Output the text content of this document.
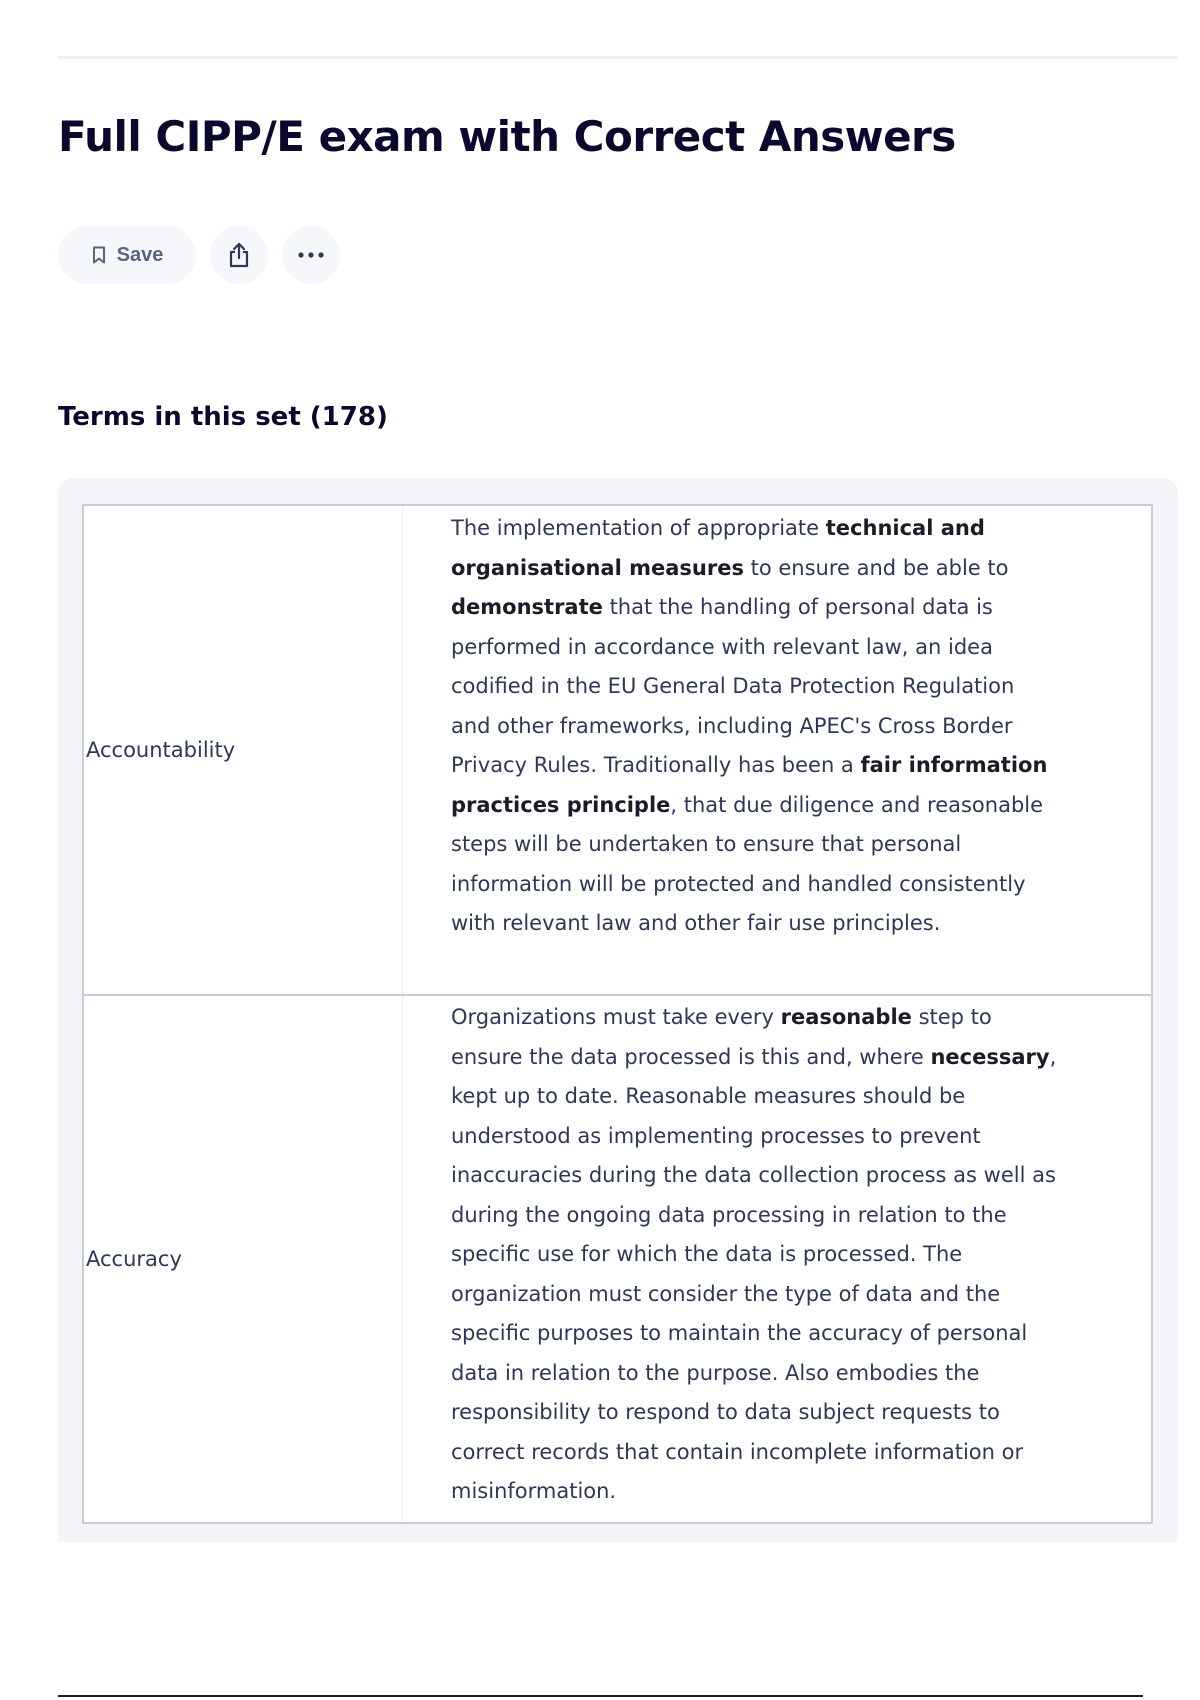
Full CIPP/E exam with Correct Answers
Save
Terms in this set (178)
Accountability
The implementation of appropriate technical and organisational measures to ensure and be able to demonstrate that the handling of personal data is performed in accordance with relevant law, an idea codified in the EU General Data Protection Regulation and other frameworks, including APEC's Cross Border Privacy Rules. Traditionally has been a fair information practices principle, that due diligence and reasonable steps will be undertaken to ensure that personal information will be protected and handled consistently with relevant law and other fair use principles.
Accuracy
Organizations must take every reasonable step to ensure the data processed is this and, where necessary, kept up to date. Reasonable measures should be understood as implementing processes to prevent inaccuracies during the data collection process as well as during the ongoing data processing in relation to the specific use for which the data is processed. The organization must consider the type of data and the specific purposes to maintain the accuracy of personal data in relation to the purpose. Also embodies the responsibility to respond to data subject requests to correct records that contain incomplete information or misinformation.
